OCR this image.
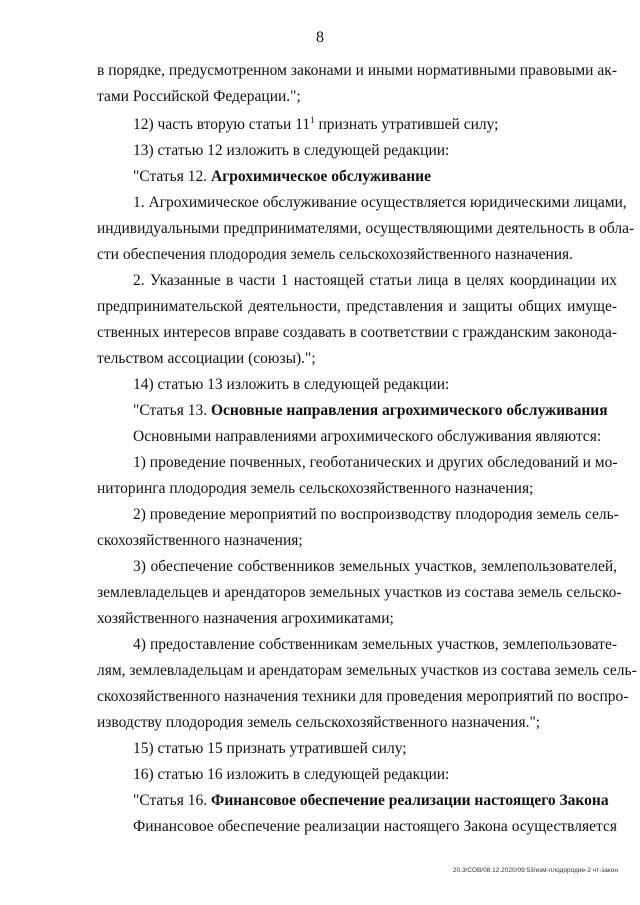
8
в порядке, предусмотренном законами и иными нормативными правовыми ак-
тами Российской Федерации.";
12) часть вторую статьи $11^1$ признать утратившей силу;
13) статью 12 изложить в следующей редакции:
"Статья 12. Агрохимическое обслуживание
1. Агрохимическое обслуживание осуществляется юридическими лицами,
индивидуальными предпринимателями, осуществляющими деятельность в обла-
сти обеспечения плодородия земель сельскохозяйственного назначения.
2. Указанные в части 1 настоящей статьи лица в целях координации их
предпринимательской деятельности, представления и защиты общих имуще-
ственных интересов вправе создавать в соответствии с гражданским законода-
тельством ассоциации (союзы).";
14) статью 13 изложить в следующей редакции:
"Статья 13. Основные направления агрохимического обслуживания
Основными направлениями агрохимического обслуживания являются:
1) проведение почвенных, геоботанических и других обследований и мо-
ниторинга плодородия земель сельскохозяйственного назначения;
2) проведение мероприятий по воспроизводству плодородия земель сель-
скохозяйственного назначения;
3) обеспечение собственников земельных участков, землепользователей,
землевладельцев и арендаторов земельных участков из состава земель сельско-
хозяйственного назначения агрохимикатами;
4) предоставление собственникам земельных участков, землепользовате-
лям, землевладельцам и арендаторам земельных участков из состава земель сель-
скохозяйственного назначения техники для проведения мероприятий по воспро-
изводству плодородия земель сельскохозяйственного назначения.";
15) статью 15 признать утратившей силу;
16) статью 16 изложить в следующей редакции:
"Статья 16. Финансовое обеспечение реализации настоящего Закона
Финансовое обеспечение реализации настоящего Закона осуществляется
20.3/СОВ/08.12.2020/09:53/изм-плодородие-2 чт-закон
